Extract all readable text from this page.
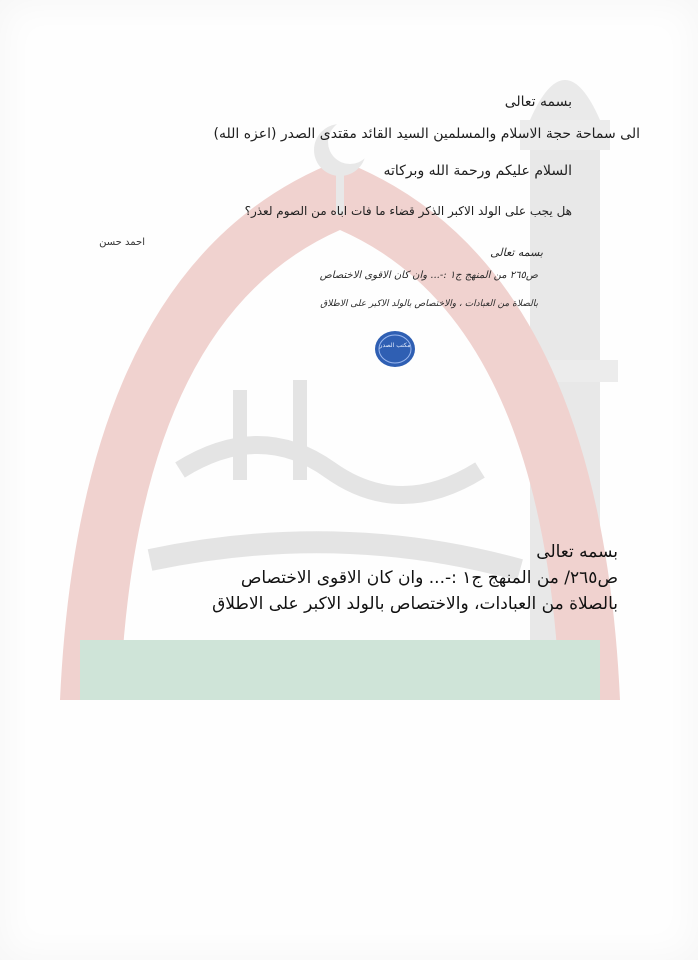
بسمه تعالى
الى سماحة حجة الاسلام والمسلمين السيد القائد مقتدى الصدر (اعزه الله)
السلام عليكم ورحمة الله وبركاته
هل يجب على الولد الاكبر الذكر قضاء ما فات اباه من الصوم لعذر؟
احمد حسن
بسمه تعالى
ص٢٦٥ من المنهج ج١ :-... وان كان الاقوى الاختصاص
بالصلاة من العبادات ، والاختصاص بالولد الاكبر على الاطلاق
مكتب الصدر
بسمه تعالى
ص٢٦٥/ من المنهج ج١ :-... وان كان الاقوى الاختصاص
بالصلاة من العبادات، والاختصاص بالولد الاكبر على الاطلاق
